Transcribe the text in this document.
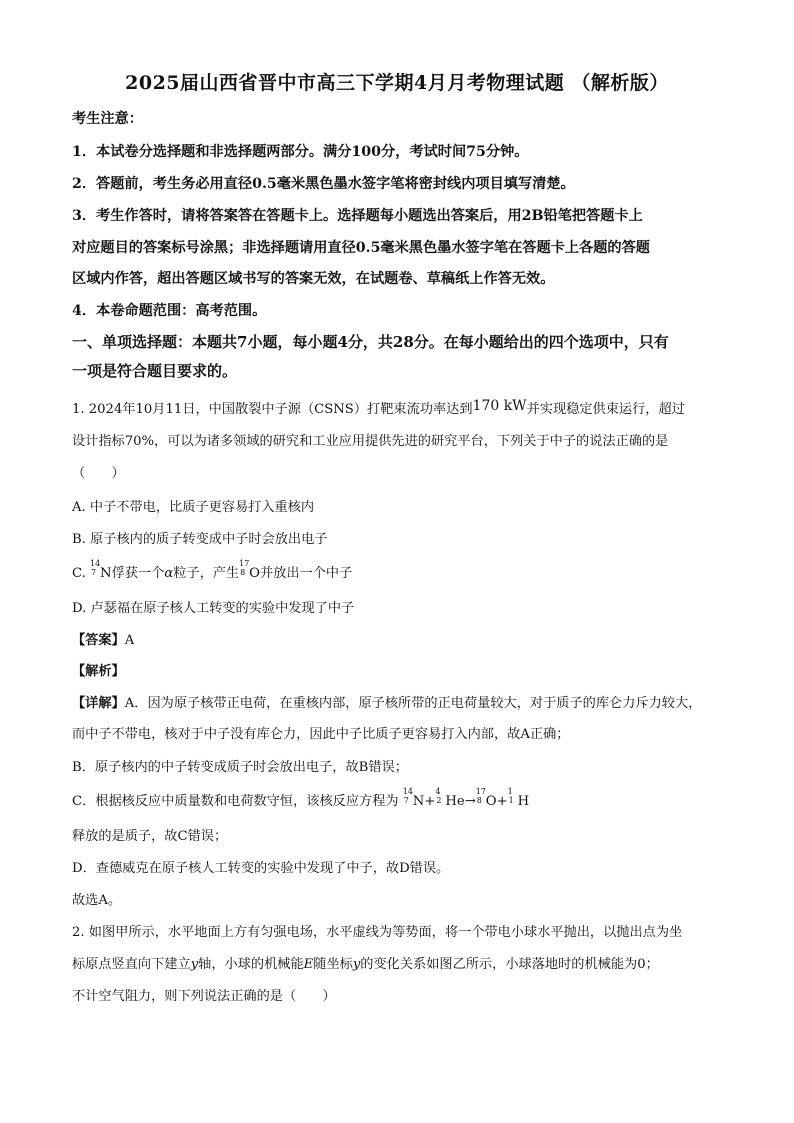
2025届山西省晋中市高三下学期4月月考物理试题 （解析版）
考生注意：
1．本试卷分选择题和非选择题两部分。满分100分，考试时间75分钟。
2．答题前，考生务必用直径0.5毫米黑色墨水签字笔将密封线内项目填写清楚。
3．考生作答时，请将答案答在答题卡上。选择题每小题选出答案后，用2B铅笔把答题卡上
对应题目的答案标号涂黑；非选择题请用直径0.5毫米黑色墨水签字笔在答题卡上各题的答题
区域内作答，超出答题区域书写的答案无效，在试题卷、草稿纸上作答无效。
4．本卷命题范围：高考范围。
一、单项选择题：本题共7小题，每小题4分，共28分。在每小题给出的四个选项中，只有
一项是符合题目要求的。
1. 2024年10月11日，中国散裂中子源（CSNS）打靶束流功率达到170 kW并实现稳定供束运行，超过
设计指标70%，可以为诸多领域的研究和工业应用提供先进的研究平台，下列关于中子的说法正确的是
（　　）
A. 中子不带电，比质子更容易打入重核内
B. 原子核内的质子转变成中子时会放出电子
C.
14
7 N俘获一个α粒子，产生
17
8 O并放出一个中子
D. 卢瑟福在原子核人工转变的实验中发现了中子
【答案】A
【解析】
【详解】A．因为原子核带正电荷，在重核内部，原子核所带的正电荷量较大，对于质子的库仑力斥力较大，
而中子不带电，核对于中子没有库仑力，因此中子比质子更容易打入内部，故A正确；
B．原子核内的中子转变成质子时会放出电子，故B错误；
C．根据核反应中质量数和电荷数守恒，该核反应方程为
14
7 N+
4
2 He→
17
8 O+
1
1 H
释放的是质子，故C错误；
D．查德威克在原子核人工转变的实验中发现了中子，故D错误。
故选A。
2. 如图甲所示，水平地面上方有匀强电场，水平虚线为等势面，将一个带电小球水平抛出，以抛出点为坐
标原点竖直向下建立y轴，小球的机械能E随坐标y的变化关系如图乙所示，小球落地时的机械能为0；
不计空气阻力，则下列说法正确的是（　　）
